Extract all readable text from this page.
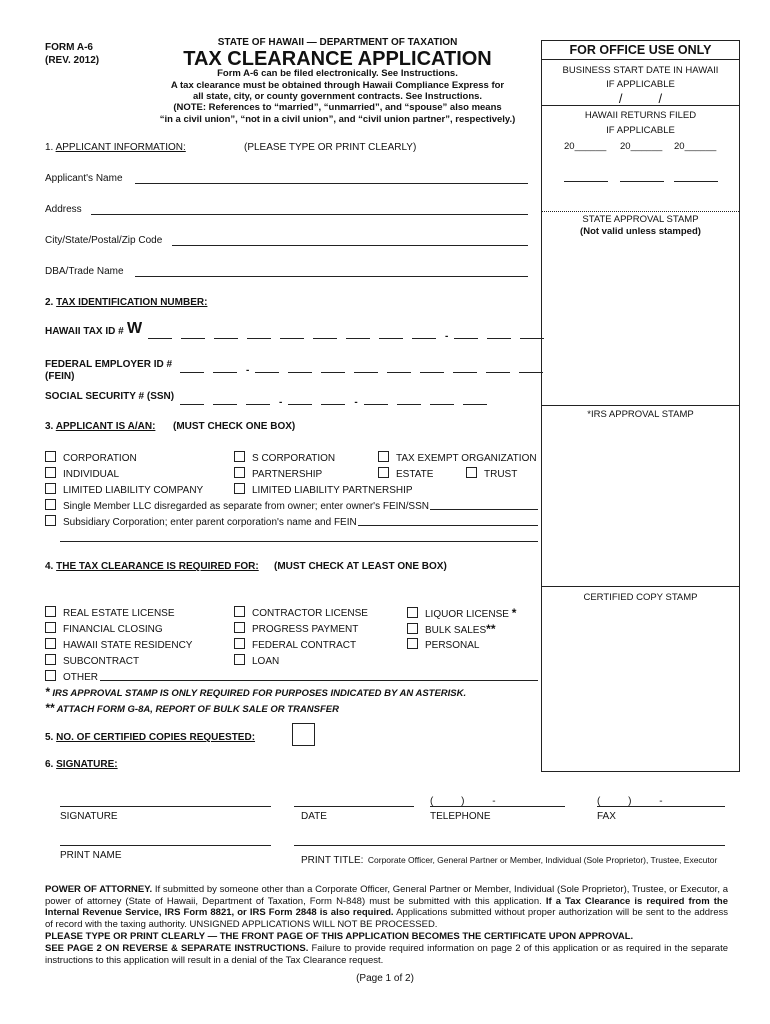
FORM A-6
(REV. 2012)
STATE OF HAWAII — DEPARTMENT OF TAXATION
TAX CLEARANCE APPLICATION
Form A-6 can be filed electronically. See Instructions.
A tax clearance must be obtained through Hawaii Compliance Express for
all state, city, or county government contracts. See Instructions.
(NOTE: References to “married”, “unmarried”, and “spouse” also means
“in a civil union”, “not in a civil union”, and “civil union partner”, respectively.)
FOR OFFICE USE ONLY
BUSINESS START DATE IN HAWAII
IF APPLICABLE
/          /
HAWAII RETURNS FILED
IF APPLICABLE
20______ 20______ 20______
STATE APPROVAL STAMP
(Not valid unless stamped)
*IRS APPROVAL STAMP
CERTIFIED COPY STAMP
1. APPLICANT INFORMATION:	(PLEASE TYPE OR PRINT CLEARLY)
Applicant's Name
Address
City/State/Postal/Zip Code
DBA/Trade Name
2. TAX IDENTIFICATION NUMBER:
HAWAII TAX ID # W	-
FEDERAL EMPLOYER ID #
(FEIN)
-
SOCIAL SECURITY # (SSN)
-	-
3. APPLICANT IS A/AN: (MUST CHECK ONE BOX)
CORPORATION	S CORPORATION	TAX EXEMPT ORGANIZATION
INDIVIDUAL	PARTNERSHIP	ESTATE	TRUST
LIMITED LIABILITY COMPANY	LIMITED LIABILITY PARTNERSHIP
Single Member LLC disregarded as separate from owner; enter owner's FEIN/SSN
Subsidiary Corporation; enter parent corporation's name and FEIN
4. THE TAX CLEARANCE IS REQUIRED FOR: (MUST CHECK AT LEAST ONE BOX)
REAL ESTATE LICENSE	CONTRACTOR LICENSE	LIQUOR LICENSE *
FINANCIAL CLOSING	PROGRESS PAYMENT	BULK SALES**
HAWAII STATE RESIDENCY	FEDERAL CONTRACT	PERSONAL
SUBCONTRACT	LOAN
OTHER
* IRS APPROVAL STAMP IS ONLY REQUIRED FOR PURPOSES INDICATED BY AN ASTERISK.
** ATTACH FORM G-8A, REPORT OF BULK SALE OR TRANSFER
5. NO. OF CERTIFIED COPIES REQUESTED:
6. SIGNATURE:
(          )          -	(          )          -
SIGNATURE	DATE	TELEPHONE	FAX
PRINT NAME	PRINT TITLE: Corporate Officer, General Partner or Member, Individual (Sole Proprietor), Trustee, Executor
POWER OF ATTORNEY. If submitted by someone other than a Corporate Officer, General Partner or Member, Individual (Sole Proprietor), Trustee, or Executor, a power of attorney (State of Hawaii, Department of Taxation, Form N-848) must be submitted with this application. If a Tax Clearance is required from the Internal Revenue Service, IRS Form 8821, or IRS Form 2848 is also required. Applications submitted without proper authorization will be sent to the address of record with the taxing authority. UNSIGNED APPLICATIONS WILL NOT BE PROCESSED.
PLEASE TYPE OR PRINT CLEARLY — THE FRONT PAGE OF THIS APPLICATION BECOMES THE CERTIFICATE UPON APPROVAL.
SEE PAGE 2 ON REVERSE & SEPARATE INSTRUCTIONS. Failure to provide required information on page 2 of this application or as required in the separate instructions to this application will result in a denial of the Tax Clearance request.
(Page 1 of 2)
